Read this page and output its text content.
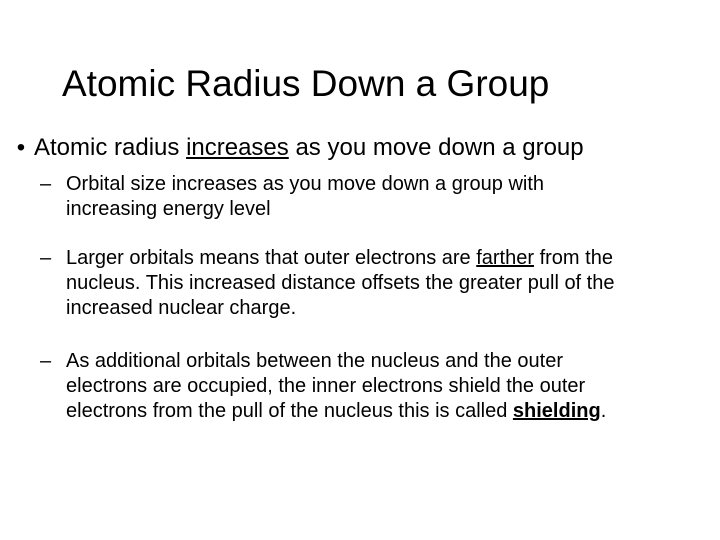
Atomic Radius Down a Group
• Atomic radius increases as you move down a group
– Orbital size increases as you move down a group with
increasing energy level
– Larger orbitals means that outer electrons are farther from the
nucleus. This increased distance offsets the greater pull of the
increased nuclear charge.
– As additional orbitals between the nucleus and the outer
electrons are occupied, the inner electrons shield the outer
electrons from the pull of the nucleus this is called shielding.
